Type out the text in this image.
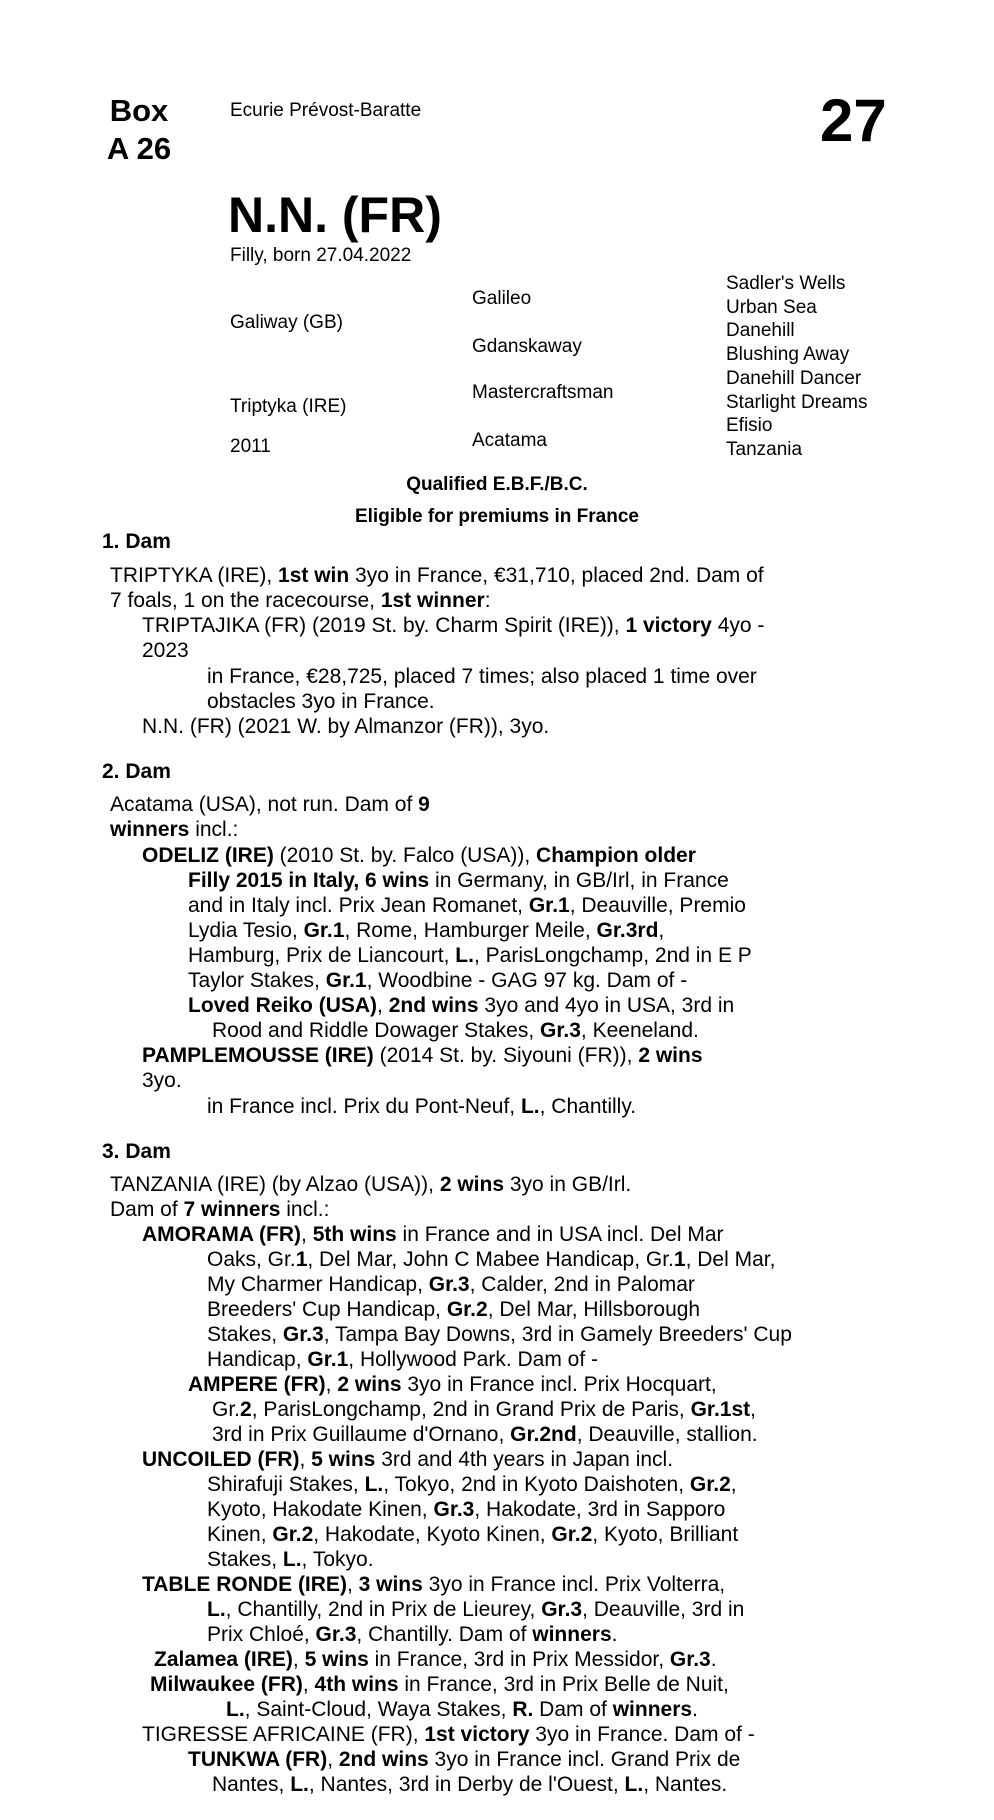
Box
A 26
Ecurie Prévost-Baratte	27
N.N. (FR)
Filly, born 27.04.2022
Galiway (GB)
Triptyka (IRE)
2011
Galileo
Gdanskaway
Mastercraftsman
Acatama
Sadler's Wells
Urban Sea
Danehill
Blushing Away
Danehill Dancer
Starlight Dreams
Efisio
Tanzania
Qualified E.B.F./B.C.
Eligible for premiums in France
1. Dam
TRIPTYKA (IRE), 1st win 3yo in France, €31,710, placed 2nd. Dam of
7 foals, 1 on the racecourse, 1st winner:
TRIPTAJIKA (FR) (2019 St. by. Charm Spirit (IRE)), 1 victory 4yo -
2023
in France, €28,725, placed 7 times; also placed 1 time over
obstacles 3yo in France.
N.N. (FR) (2021 W. by Almanzor (FR)), 3yo.
2. Dam
Acatama (USA), not run. Dam of 9
winners incl.:
ODELIZ (IRE) (2010 St. by. Falco (USA)), Champion older
Filly 2015 in Italy, 6 wins in Germany, in GB/Irl, in France
and in Italy incl. Prix Jean Romanet, Gr.1, Deauville, Premio
Lydia Tesio, Gr.1, Rome, Hamburger Meile, Gr.3rd,
Hamburg, Prix de Liancourt, L., ParisLongchamp, 2nd in E P
Taylor Stakes, Gr.1, Woodbine - GAG 97 kg. Dam of -
Loved Reiko (USA), 2nd wins 3yo and 4yo in USA, 3rd in
Rood and Riddle Dowager Stakes, Gr.3, Keeneland.
PAMPLEMOUSSE (IRE) (2014 St. by. Siyouni (FR)), 2 wins
3yo.
in France incl. Prix du Pont-Neuf, L., Chantilly.
3. Dam
TANZANIA (IRE) (by Alzao (USA)), 2 wins 3yo in GB/Irl.
Dam of 7 winners incl.:
AMORAMA (FR), 5th wins in France and in USA incl. Del Mar
Oaks, Gr.1, Del Mar, John C Mabee Handicap, Gr.1, Del Mar,
My Charmer Handicap, Gr.3, Calder, 2nd in Palomar
Breeders' Cup Handicap, Gr.2, Del Mar, Hillsborough
Stakes, Gr.3, Tampa Bay Downs, 3rd in Gamely Breeders' Cup
Handicap, Gr.1, Hollywood Park. Dam of -
AMPERE (FR), 2 wins 3yo in France incl. Prix Hocquart,
Gr.2, ParisLongchamp, 2nd in Grand Prix de Paris, Gr.1st,
3rd in Prix Guillaume d'Ornano, Gr.2nd, Deauville, stallion.
UNCOILED (FR), 5 wins 3rd and 4th years in Japan incl.
Shirafuji Stakes, L., Tokyo, 2nd in Kyoto Daishoten, Gr.2,
Kyoto, Hakodate Kinen, Gr.3, Hakodate, 3rd in Sapporo
Kinen, Gr.2, Hakodate, Kyoto Kinen, Gr.2, Kyoto, Brilliant
Stakes, L., Tokyo.
TABLE RONDE (IRE), 3 wins 3yo in France incl. Prix Volterra,
L., Chantilly, 2nd in Prix de Lieurey, Gr.3, Deauville, 3rd in
Prix Chloé, Gr.3, Chantilly. Dam of winners.
Zalamea (IRE), 5 wins in France, 3rd in Prix Messidor, Gr.3.
Milwaukee (FR), 4th wins in France, 3rd in Prix Belle de Nuit,
L., Saint-Cloud, Waya Stakes, R. Dam of winners.
TIGRESSE AFRICAINE (FR), 1st victory 3yo in France. Dam of -
TUNKWA (FR), 2nd wins 3yo in France incl. Grand Prix de
Nantes, L., Nantes, 3rd in Derby de l'Ouest, L., Nantes.
